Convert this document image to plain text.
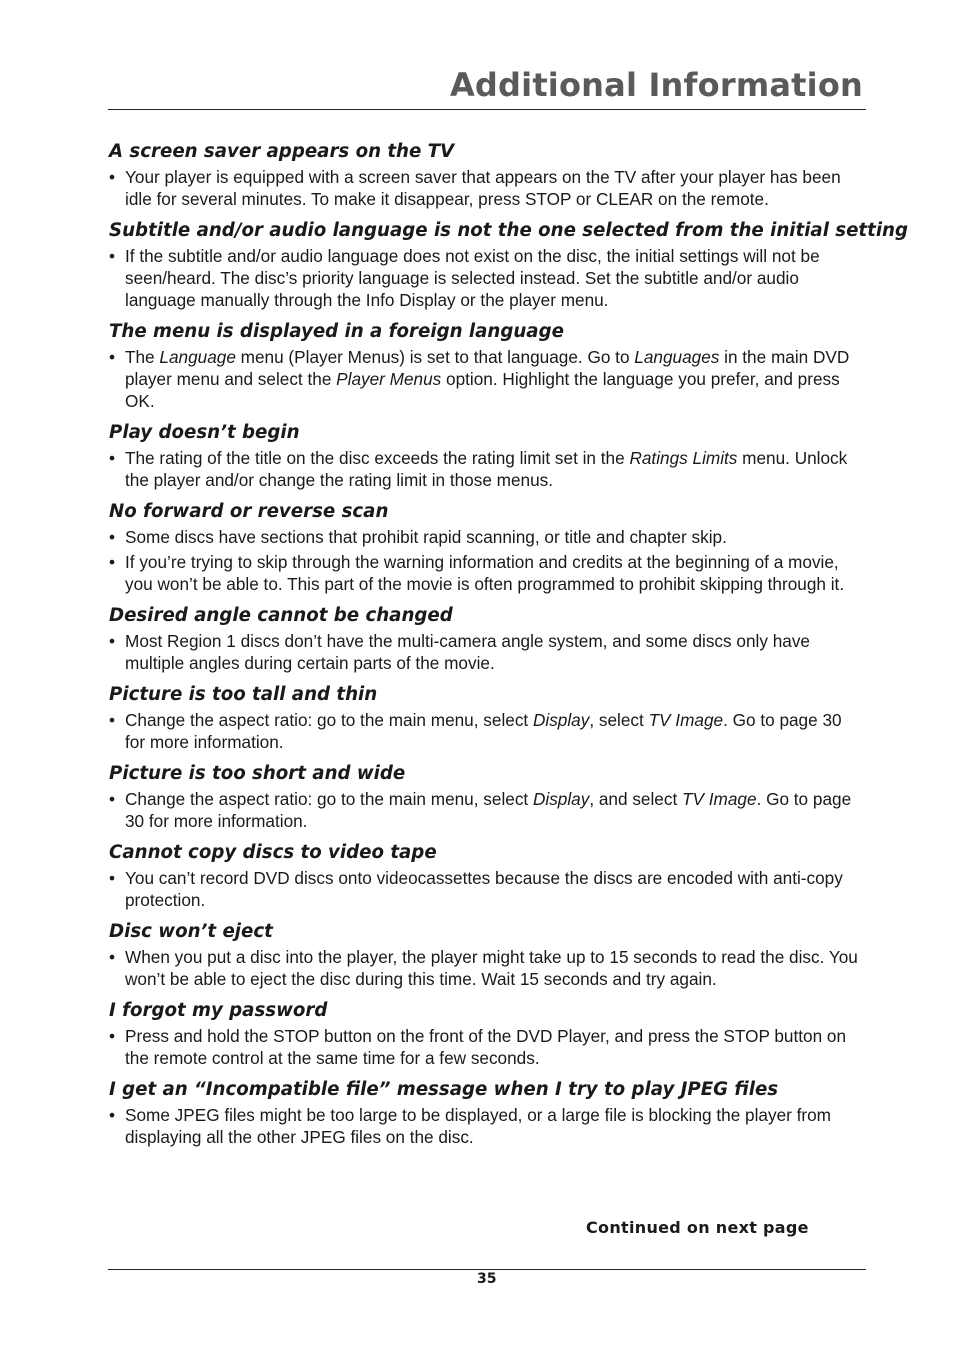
Additional Information
A screen saver appears on the TV
• Your player is equipped with a screen saver that appears on the TV after your player has been idle for several minutes. To make it disappear, press STOP or CLEAR on the remote.
Subtitle and/or audio language is not the one selected from the initial setting
• If the subtitle and/or audio language does not exist on the disc, the initial settings will not be seen/heard. The disc’s priority language is selected instead. Set the subtitle and/or audio language manually through the Info Display or the player menu.
The menu is displayed in a foreign language
• The Language menu (Player Menus) is set to that language. Go to Languages in the main DVD player menu and select the Player Menus option. Highlight the language you prefer, and press OK.
Play doesn’t begin
• The rating of the title on the disc exceeds the rating limit set in the Ratings Limits menu. Unlock the player and/or change the rating limit in those menus.
No forward or reverse scan
• Some discs have sections that prohibit rapid scanning, or title and chapter skip.
• If you’re trying to skip through the warning information and credits at the beginning of a movie, you won’t be able to. This part of the movie is often programmed to prohibit skipping through it.
Desired angle cannot be changed
• Most Region 1 discs don’t have the multi-camera angle system, and some discs only have multiple angles during certain parts of the movie.
Picture is too tall and thin
• Change the aspect ratio: go to the main menu, select Display, select TV Image. Go to page 30 for more information.
Picture is too short and wide
• Change the aspect ratio: go to the main menu, select Display, and select TV Image. Go to page 30 for more information.
Cannot copy discs to video tape
• You can’t record DVD discs onto videocassettes because the discs are encoded with anti-copy protection.
Disc won’t eject
• When you put a disc into the player, the player might take up to 15 seconds to read the disc. You won’t be able to eject the disc during this time. Wait 15 seconds and try again.
I forgot my password
• Press and hold the STOP button on the front of the DVD Player, and press the STOP button on the remote control at the same time for a few seconds.
I get an “Incompatible file” message when I try to play JPEG files
• Some JPEG files might be too large to be displayed, or a large file is blocking the player from displaying all the other JPEG files on the disc.
Continued on next page
35
